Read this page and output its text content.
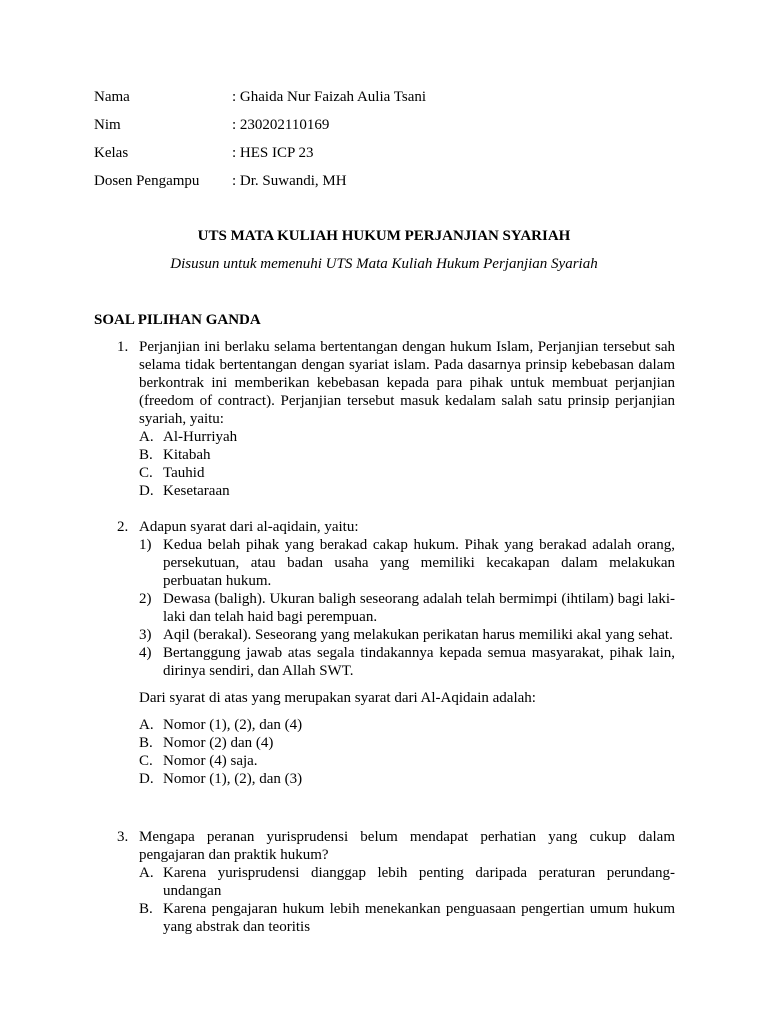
Nama	: Ghaida Nur Faizah Aulia Tsani
Nim	: 230202110169
Kelas	: HES ICP 23
Dosen Pengampu	: Dr. Suwandi, MH
UTS MATA KULIAH HUKUM PERJANJIAN SYARIAH
Disusun untuk memenuhi UTS Mata Kuliah Hukum Perjanjian Syariah
SOAL PILIHAN GANDA
1. Perjanjian ini berlaku selama bertentangan dengan hukum Islam, Perjanjian tersebut sah selama tidak bertentangan dengan syariat islam. Pada dasarnya prinsip kebebasan dalam berkontrak ini memberikan kebebasan kepada para pihak untuk membuat perjanjian (freedom of contract). Perjanjian tersebut masuk kedalam salah satu prinsip perjanjian syariah, yaitu:
A. Al-Hurriyah
B. Kitabah
C. Tauhid
D. Kesetaraan
2. Adapun syarat dari al-aqidain, yaitu:
1) Kedua belah pihak yang berakad cakap hukum. Pihak yang berakad adalah orang, persekutuan, atau badan usaha yang memiliki kecakapan dalam melakukan perbuatan hukum.
2) Dewasa (baligh). Ukuran baligh seseorang adalah telah bermimpi (ihtilam) bagi laki-laki dan telah haid bagi perempuan.
3) Aqil (berakal). Seseorang yang melakukan perikatan harus memiliki akal yang sehat.
4) Bertanggung jawab atas segala tindakannya kepada semua masyarakat, pihak lain, dirinya sendiri, dan Allah SWT.
Dari syarat di atas yang merupakan syarat dari Al-Aqidain adalah:
A. Nomor (1), (2), dan (4)
B. Nomor (2) dan (4)
C. Nomor (4) saja.
D. Nomor (1), (2), dan (3)
3. Mengapa peranan yurisprudensi belum mendapat perhatian yang cukup dalam pengajaran dan praktik hukum?
A. Karena yurisprudensi dianggap lebih penting daripada peraturan perundang-undangan
B. Karena pengajaran hukum lebih menekankan penguasaan pengertian umum hukum yang abstrak dan teoritis
